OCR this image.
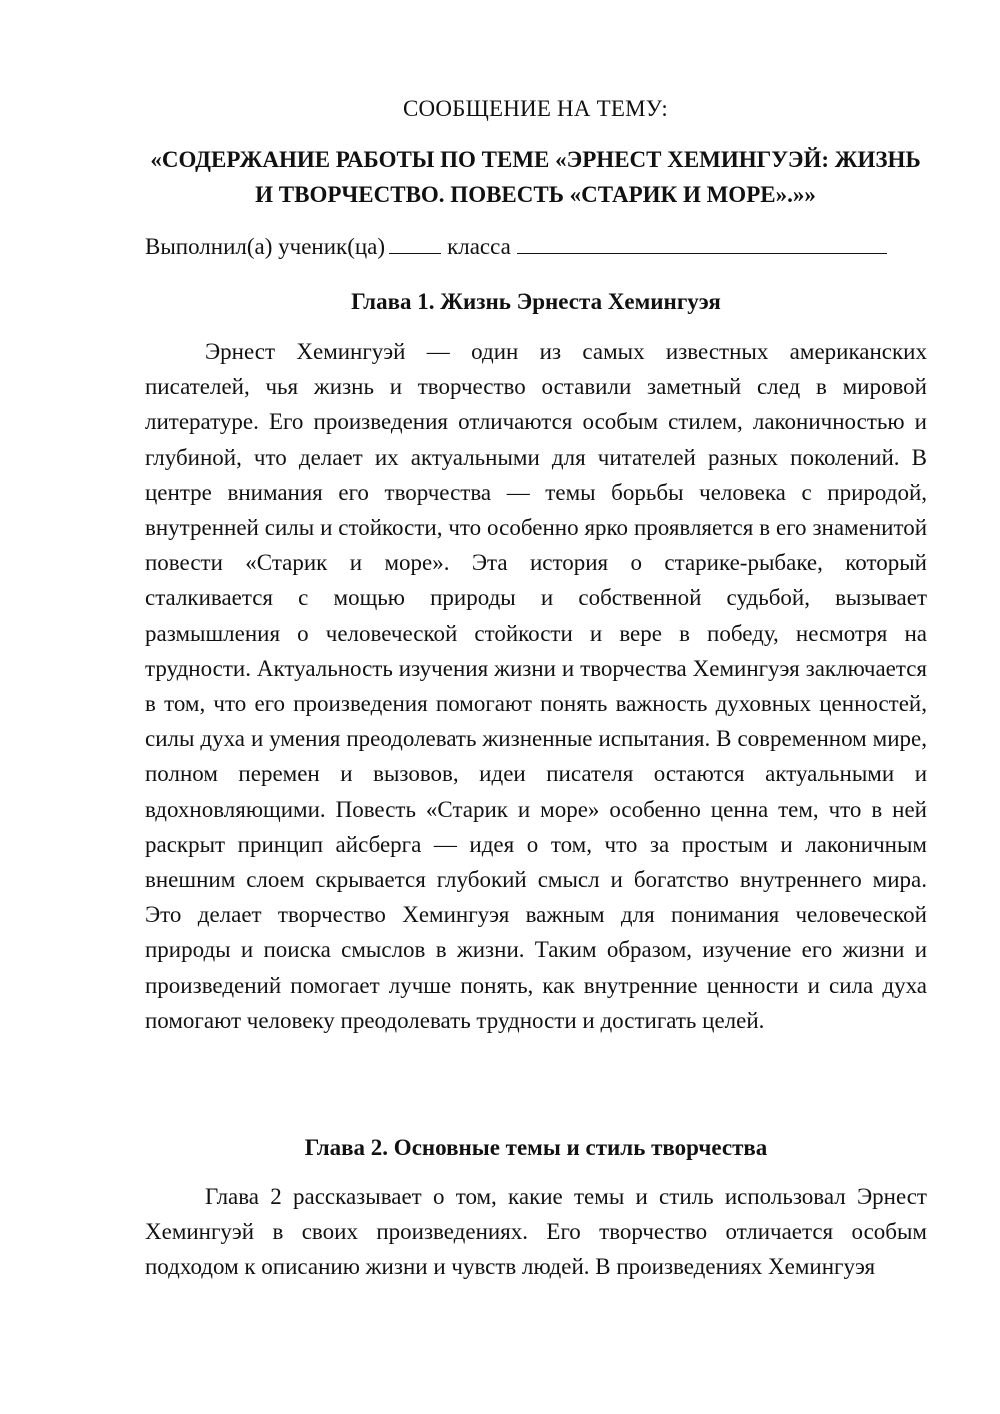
СООБЩЕНИЕ НА ТЕМУ:
«СОДЕРЖАНИЕ РАБОТЫ ПО ТЕМЕ «ЭРНЕСТ ХЕМИНГУЭЙ: ЖИЗНЬ И ТВОРЧЕСТВО. ПОВЕСТЬ «СТАРИК И МОРЕ».»»
Выполнил(а) ученик(ца)	класса
Глава 1. Жизнь Эрнеста Хемингуэя

Эрнест Хемингуэй — один из самых известных американских писателей, чья жизнь и творчество оставили заметный след в мировой литературе. Его произведения отличаются особым стилем, лаконичностью и глубиной, что делает их актуальными для читателей разных поколений. В центре внимания его творчества — темы борьбы человека с природой, внутренней силы и стойкости, что особенно ярко проявляется в его знаменитой повести «Старик и море». Эта история о старике-рыбаке, который сталкивается с мощью природы и собственной судьбой, вызывает размышления о человеческой стойкости и вере в победу, несмотря на трудности. Актуальность изучения жизни и творчества Хемингуэя заключается в том, что его произведения помогают понять важность духовных ценностей, силы духа и умения преодолевать жизненные испытания. В современном мире, полном перемен и вызовов, идеи писателя остаются актуальными и вдохновляющими. Повесть «Старик и море» особенно ценна тем, что в ней раскрыт принцип айсберга — идея о том, что за простым и лаконичным внешним слоем скрывается глубокий смысл и богатство внутреннего мира. Это делает творчество Хемингуэя важным для понимания человеческой природы и поиска смыслов в жизни. Таким образом, изучение его жизни и произведений помогает лучше понять, как внутренние ценности и сила духа помогают человеку преодолевать трудности и достигать целей.

Глава 2. Основные темы и стиль творчества

Глава 2 рассказывает о том, какие темы и стиль использовал Эрнест Хемингуэй в своих произведениях. Его творчество отличается особым подходом к описанию жизни и чувств людей. В произведениях Хемингуэя
